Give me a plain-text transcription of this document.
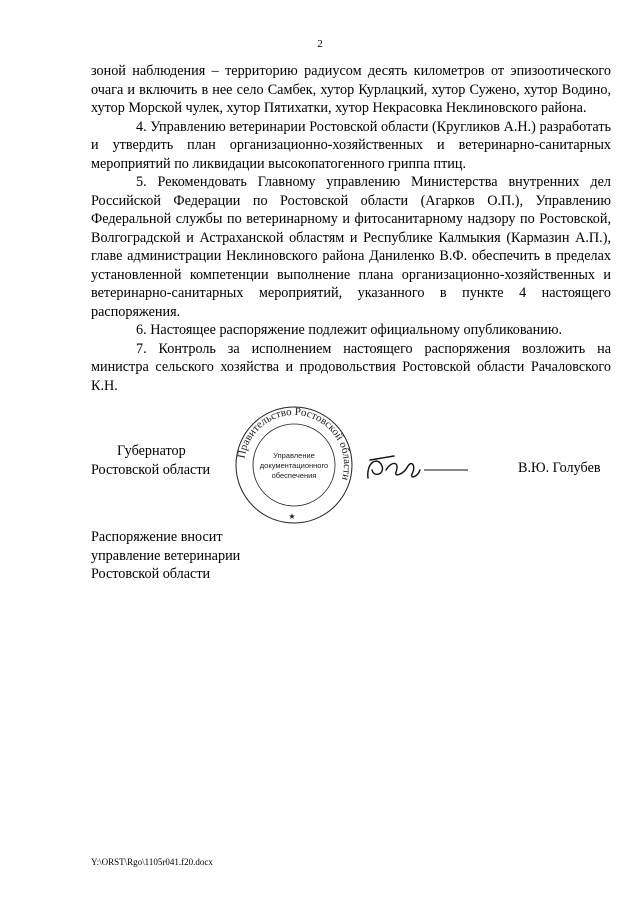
2

зоной наблюдения – территорию радиусом десять километров от эпизоотического очага и включить в нее село Самбек, хутор Курлацкий, хутор Сужено, хутор Водино, хутор Морской чулек, хутор Пятихатки, хутор Некрасовка Неклиновского района.

4. Управлению ветеринарии Ростовской области (Кругликов А.Н.) разработать и утвердить план организационно-хозяйственных и ветеринарно-санитарных мероприятий по ликвидации высокопатогенного гриппа птиц.

5. Рекомендовать Главному управлению Министерства внутренних дел Российской Федерации по Ростовской области (Агарков О.П.), Управлению Федеральной службы по ветеринарному и фитосанитарному надзору по Ростовской, Волгоградской и Астраханской областям и Республике Калмыкия (Кармазин А.П.), главе администрации Неклиновского района Даниленко В.Ф. обеспечить в пределах установленной компетенции выполнение плана организационно-хозяйственных и ветеринарно-санитарных мероприятий, указанного в пункте 4 настоящего распоряжения.

6. Настоящее распоряжение подлежит официальному опубликованию.

7. Контроль за исполнением настоящего распоряжения возложить на министра сельского хозяйства и продовольствия Ростовской области Рачаловского К.Н.

Губернатор
Ростовской области
Правительство Ростовской области
Управление
документационного
обеспечения
★
В.Ю. Голубев
Распоряжение вносит
управление ветеринарии
Ростовской области
Y:\ORST\Rgo\1105r041.f20.docx
